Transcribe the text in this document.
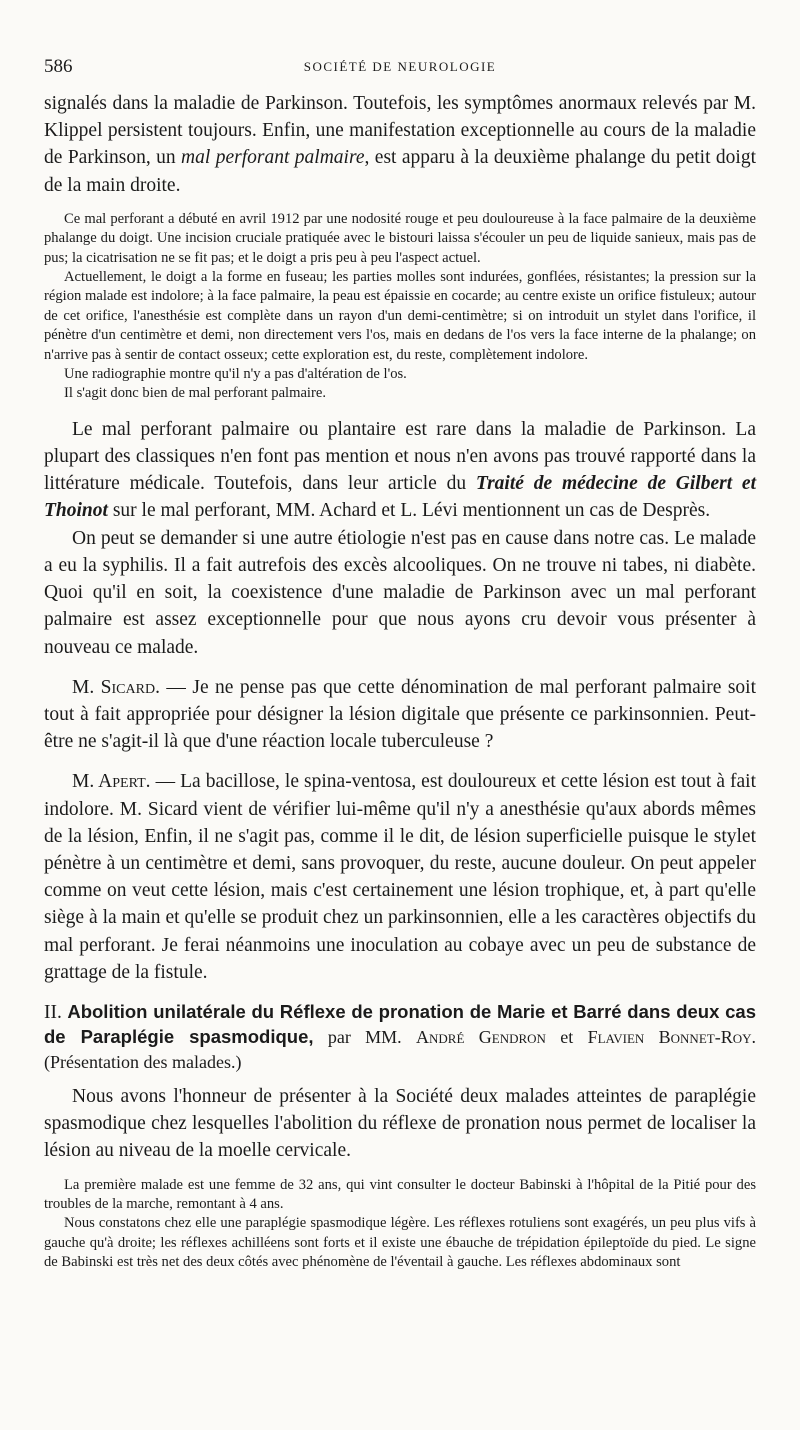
586	SOCIÉTÉ DE NEUROLOGIE

signalés dans la maladie de Parkinson. Toutefois, les symptômes anormaux relevés par M. Klippel persistent toujours. Enfin, une manifestation exceptionnelle au cours de la maladie de Parkinson, un mal perforant palmaire, est apparu à la deuxième phalange du petit doigt de la main droite.

Ce mal perforant a débuté en avril 1912 par une nodosité rouge et peu douloureuse à la face palmaire de la deuxième phalange du doigt. Une incision cruciale pratiquée avec le bistouri laissa s'écouler un peu de liquide sanieux, mais pas de pus; la cicatrisation ne se fit pas; et le doigt a pris peu à peu l'aspect actuel.

Actuellement, le doigt a la forme en fuseau; les parties molles sont indurées, gonflées, résistantes; la pression sur la région malade est indolore; à la face palmaire, la peau est épaissie en cocarde; au centre existe un orifice fistuleux; autour de cet orifice, l'anesthésie est complète dans un rayon d'un demi-centimètre; si on introduit un stylet dans l'orifice, il pénètre d'un centimètre et demi, non directement vers l'os, mais en dedans de l'os vers la face interne de la phalange; on n'arrive pas à sentir de contact osseux; cette exploration est, du reste, complètement indolore.

Une radiographie montre qu'il n'y a pas d'altération de l'os.

Il s'agit donc bien de mal perforant palmaire.

Le mal perforant palmaire ou plantaire est rare dans la maladie de Parkinson. La plupart des classiques n'en font pas mention et nous n'en avons pas trouvé rapporté dans la littérature médicale. Toutefois, dans leur article du Traité de médecine de Gilbert et Thoinot sur le mal perforant, MM. Achard et L. Lévi mentionnent un cas de Desprès.

On peut se demander si une autre étiologie n'est pas en cause dans notre cas. Le malade a eu la syphilis. Il a fait autrefois des excès alcooliques. On ne trouve ni tabes, ni diabète. Quoi qu'il en soit, la coexistence d'une maladie de Parkinson avec un mal perforant palmaire est assez exceptionnelle pour que nous ayons cru devoir vous présenter à nouveau ce malade.

M. Sicard. — Je ne pense pas que cette dénomination de mal perforant palmaire soit tout à fait appropriée pour désigner la lésion digitale que présente ce parkinsonnien. Peut-être ne s'agit-il là que d'une réaction locale tuberculeuse ?

M. Apert. — La bacillose, le spina-ventosa, est douloureux et cette lésion est tout à fait indolore. M. Sicard vient de vérifier lui-même qu'il n'y a anesthésie qu'aux abords mêmes de la lésion, Enfin, il ne s'agit pas, comme il le dit, de lésion superficielle puisque le stylet pénètre à un centimètre et demi, sans provoquer, du reste, aucune douleur. On peut appeler comme on veut cette lésion, mais c'est certainement une lésion trophique, et, à part qu'elle siège à la main et qu'elle se produit chez un parkinsonnien, elle a les caractères objectifs du mal perforant. Je ferai néanmoins une inoculation au cobaye avec un peu de substance de grattage de la fistule.

II. Abolition unilatérale du Réflexe de pronation de Marie et Barré dans deux cas de Paraplégie spasmodique, par MM. André Gendron et Flavien Bonnet-Roy. (Présentation des malades.)

Nous avons l'honneur de présenter à la Société deux malades atteintes de paraplégie spasmodique chez lesquelles l'abolition du réflexe de pronation nous permet de localiser la lésion au niveau de la moelle cervicale.

La première malade est une femme de 32 ans, qui vint consulter le docteur Babinski à l'hôpital de la Pitié pour des troubles de la marche, remontant à 4 ans.

Nous constatons chez elle une paraplégie spasmodique légère. Les réflexes rotuliens sont exagérés, un peu plus vifs à gauche qu'à droite; les réflexes achilléens sont forts et il existe une ébauche de trépidation épileptoïde du pied. Le signe de Babinski est très net des deux côtés avec phénomène de l'éventail à gauche. Les réflexes abdominaux sont
